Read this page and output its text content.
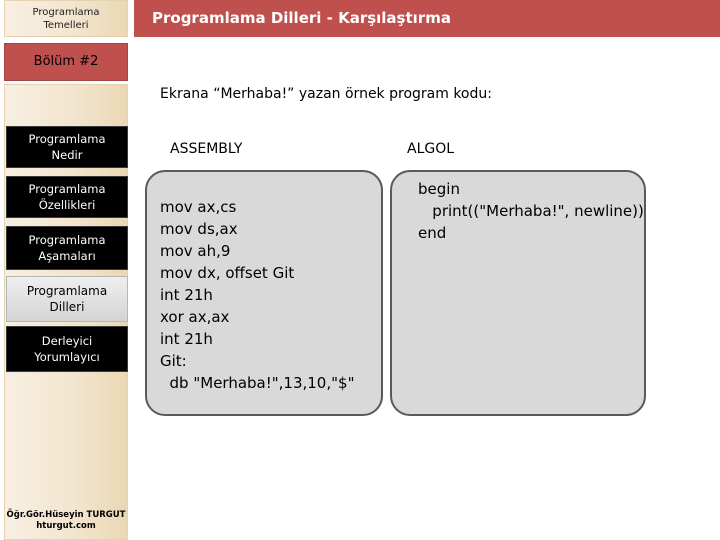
Programlama
Temelleri
Bölüm #2
Programlama
Nedir
Programlama
Özellikleri
Programlama
Aşamaları
Programlama
Dilleri
Derleyici
Yorumlayıcı
Öğr.Gör.Hüseyin TURGUT
hturgut.com
Programlama Dilleri - Karşılaştırma
Ekrana “Merhaba!” yazan örnek program kodu:
ASSEMBLY	ALGOL
mov ax,cs
mov ds,ax
mov ah,9
mov dx, offset Git
int 21h
xor ax,ax
int 21h
Git:
db "Merhaba!",13,10,"$"
begin
print(("Merhaba!", newline))
end
